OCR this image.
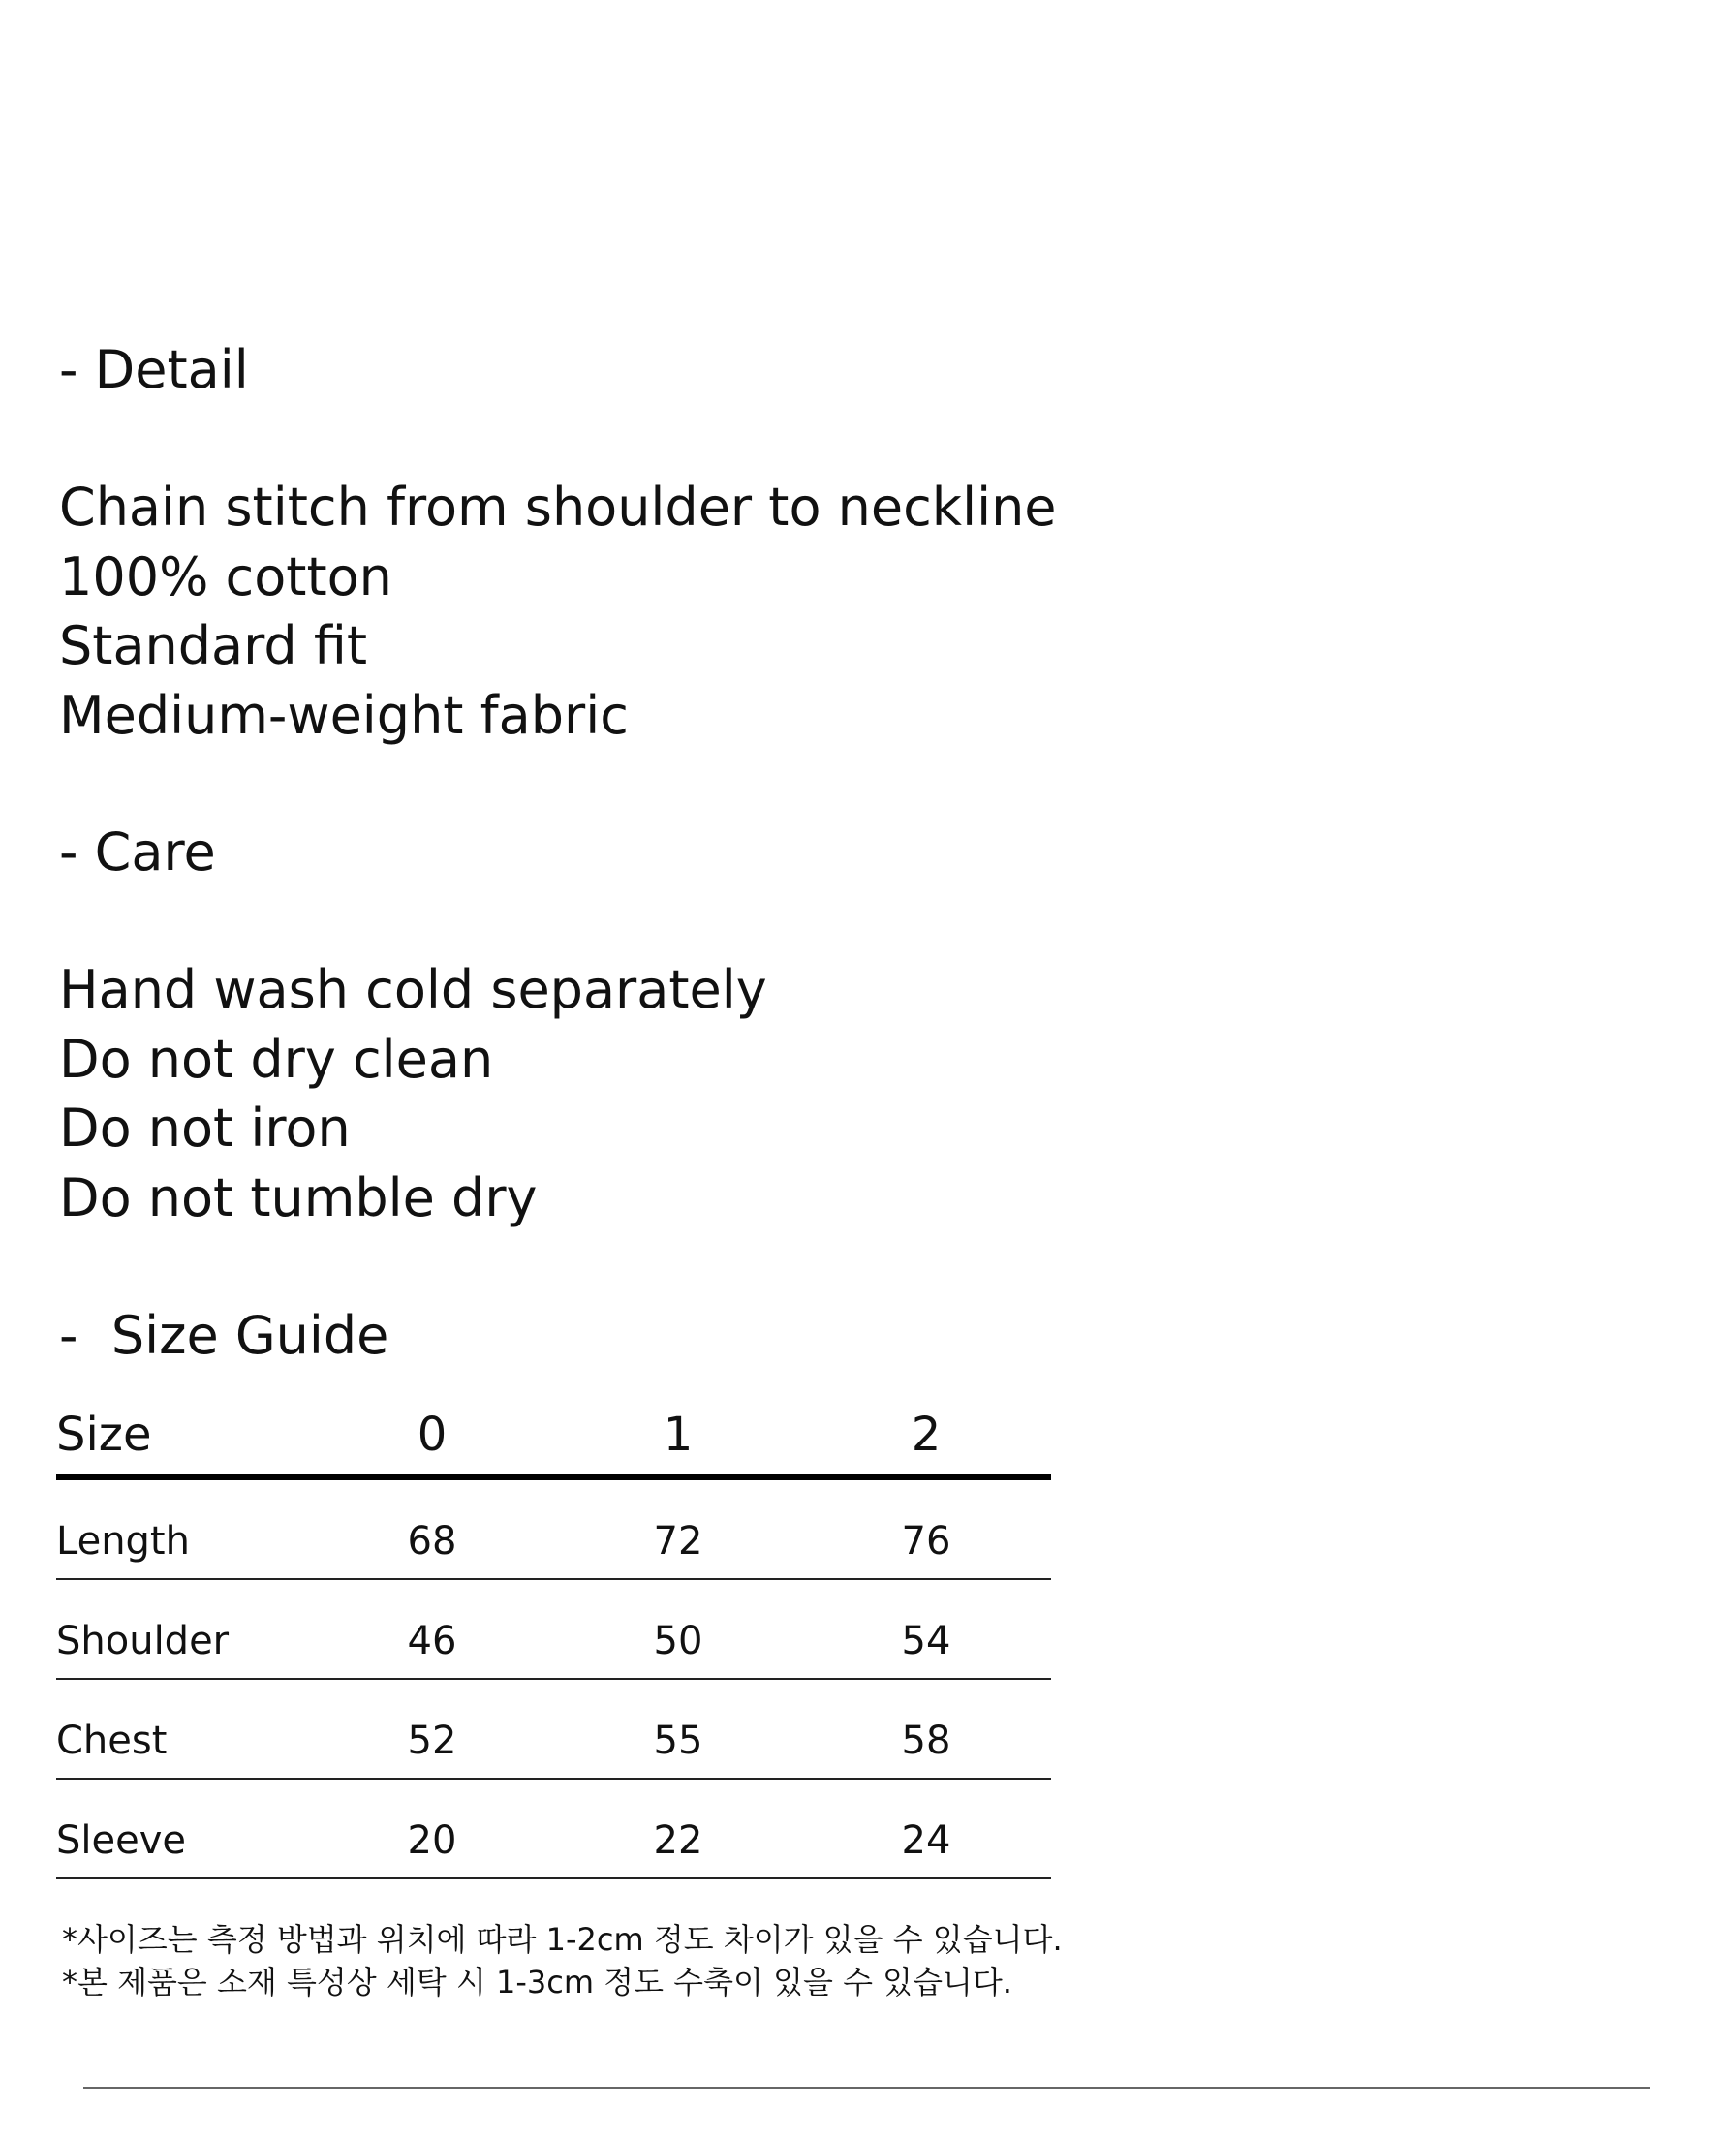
- Detail
Chain stitch from shoulder to neckline
100% cotton
Standard fit
Medium-weight fabric
- Care
Hand wash cold separately
Do not dry clean
Do not iron
Do not tumble dry
-  Size Guide
Size	0	1	2
Length	68	72	76
Shoulder	46	50	54
Chest	52	55	58
Sleeve	20	22	24
*사이즈는 측정 방법과 위치에 따라 1-2cm 정도 차이가 있을 수 있습니다.
*본 제품은 소재 특성상 세탁 시 1-3cm 정도 수축이 있을 수 있습니다.
